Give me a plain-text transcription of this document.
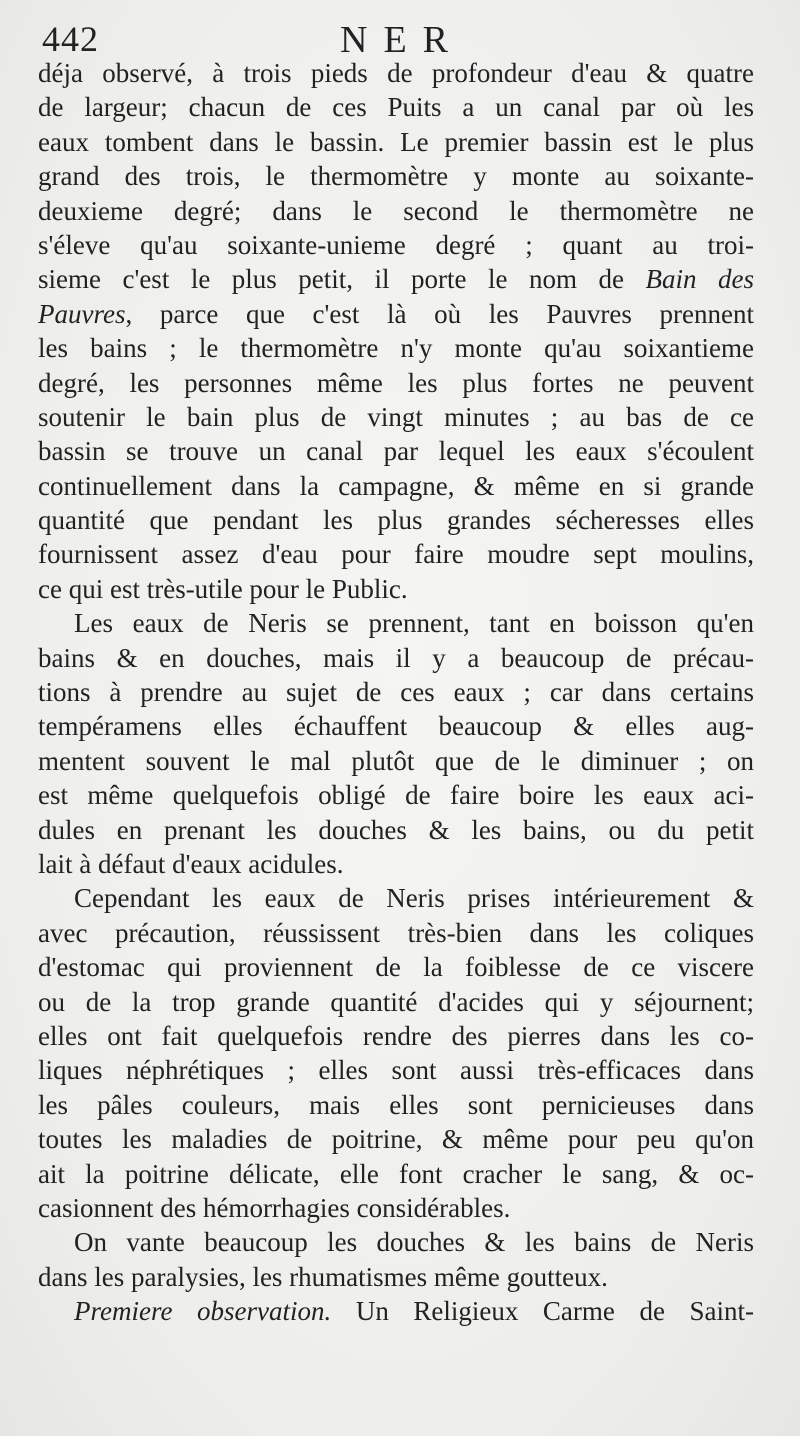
442	NER
déja observé, à trois pieds de profondeur d'eau & quatre
de largeur; chacun de ces Puits a un canal par où les
eaux tombent dans le bassin. Le premier bassin est le plus
grand des trois, le thermomètre y monte au soixante-
deuxieme degré; dans le second le thermomètre ne
s'éleve qu'au soixante-unieme degré ; quant au troi-
sieme c'est le plus petit, il porte le nom de Bain des
Pauvres, parce que c'est là où les Pauvres prennent
les bains ; le thermomètre n'y monte qu'au soixantieme
degré, les personnes même les plus fortes ne peuvent
soutenir le bain plus de vingt minutes ; au bas de ce
bassin se trouve un canal par lequel les eaux s'écoulent
continuellement dans la campagne, & même en si grande
quantité que pendant les plus grandes sécheresses elles
fournissent assez d'eau pour faire moudre sept moulins,
ce qui est très-utile pour le Public.
Les eaux de Neris se prennent, tant en boisson qu'en
bains & en douches, mais il y a beaucoup de précau-
tions à prendre au sujet de ces eaux ; car dans certains
tempéramens elles échauffent beaucoup & elles aug-
mentent souvent le mal plutôt que de le diminuer ; on
est même quelquefois obligé de faire boire les eaux aci-
dules en prenant les douches & les bains, ou du petit
lait à défaut d'eaux acidules.
Cependant les eaux de Neris prises intérieurement &
avec précaution, réussissent très-bien dans les coliques
d'estomac qui proviennent de la foiblesse de ce viscere
ou de la trop grande quantité d'acides qui y séjournent;
elles ont fait quelquefois rendre des pierres dans les co-
liques néphrétiques ; elles sont aussi très-efficaces dans
les pâles couleurs, mais elles sont pernicieuses dans
toutes les maladies de poitrine, & même pour peu qu'on
ait la poitrine délicate, elle font cracher le sang, & oc-
casionnent des hémorrhagies considérables.
On vante beaucoup les douches & les bains de Neris
dans les paralysies, les rhumatismes même goutteux.
Premiere observation. Un Religieux Carme de Saint-
